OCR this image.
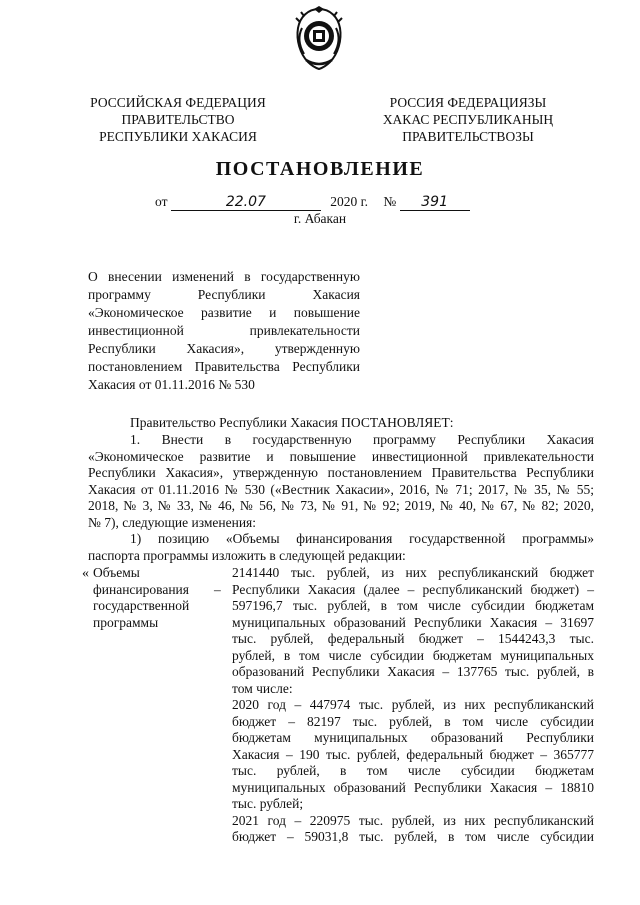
РОССИЙСКАЯ ФЕДЕРАЦИЯ
ПРАВИТЕЛЬСТВО
РЕСПУБЛИКИ ХАКАСИЯ
РОССИЯ ФЕДЕРАЦИЯЗЫ
ХАКАС РЕСПУБЛИКАНЫҢ
ПРАВИТЕЛЬСТВОЗЫ
ПОСТАНОВЛЕНИЕ
от	22.07	2020 г. № 391
г. Абакан
О внесении изменений в государственную
программу Республики Хакасия
«Экономическое развитие и повышение
инвестиционной привлекательности
Республики Хакасия», утвержденную
постановлением Правительства Республики
Хакасия от 01.11.2016 № 530
Правительство Республики Хакасия ПОСТАНОВЛЯЕТ:
1. Внести в государственную программу Республики Хакасия
«Экономическое развитие и повышение инвестиционной привлекательности
Республики Хакасия», утвержденную постановлением Правительства Республики
Хакасия от 01.11.2016 № 530 («Вестник Хакасии», 2016, № 71; 2017, № 35, № 55;
2018, № 3, № 33, № 46, № 56, № 73, № 91, № 92; 2019, № 40, № 67, № 82; 2020,
№ 7), следующие изменения:
1) позицию «Объемы финансирования государственной программы»
паспорта программы изложить в следующей редакции:
« Объемы
финансирования
государственной
программы
–
2141440 тыс. рублей, из них республиканский бюджет
Республики Хакасия (далее – республиканский бюджет) –
597196,7 тыс. рублей, в том числе субсидии бюджетам
муниципальных образований Республики Хакасия – 31697
тыс. рублей, федеральный бюджет – 1544243,3 тыс.
рублей, в том числе субсидии бюджетам муниципальных
образований Республики Хакасия – 137765 тыс. рублей, в
том числе:
2020 год – 447974 тыс. рублей, из них республиканский
бюджет – 82197 тыс. рублей, в том числе субсидии
бюджетам муниципальных образований Республики
Хакасия – 190 тыс. рублей, федеральный бюджет – 365777
тыс. рублей, в том числе субсидии бюджетам
муниципальных образований Республики Хакасия – 18810
тыс. рублей;
2021 год – 220975 тыс. рублей, из них республиканский
бюджет – 59031,8 тыс. рублей, в том числе субсидии
